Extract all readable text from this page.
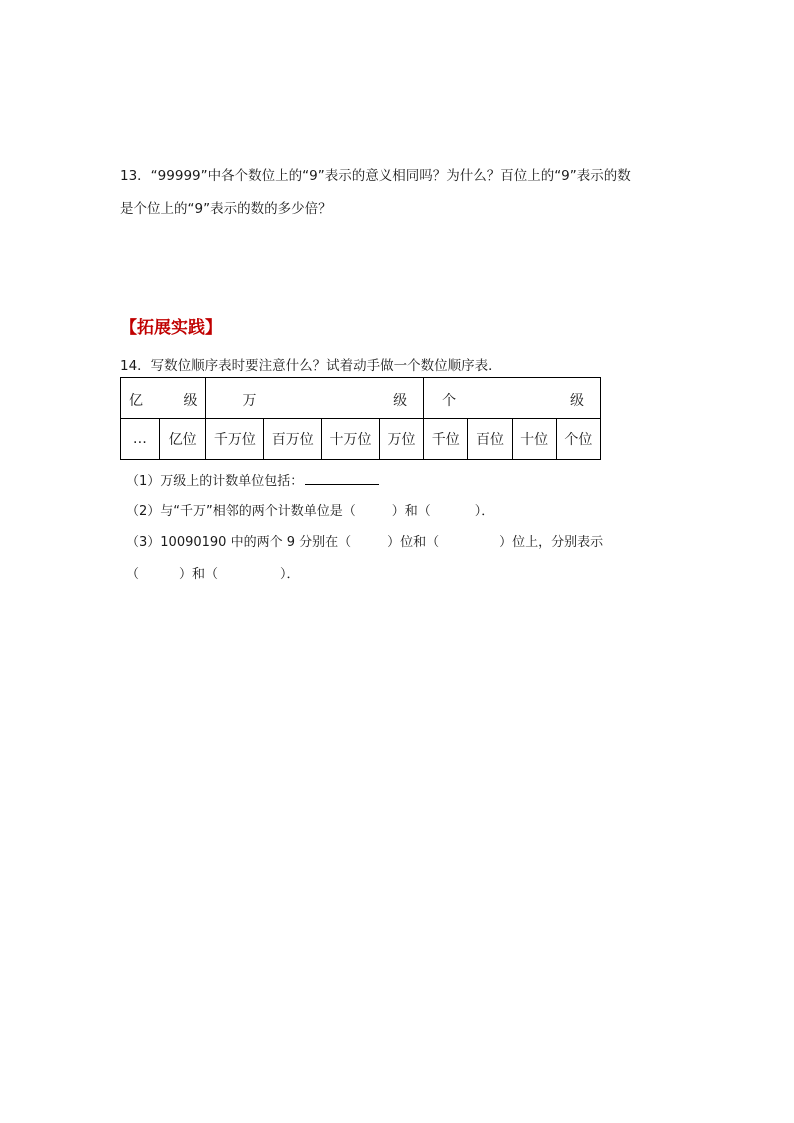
13．“99999”中各个数位上的“9”表示的意义相同吗？为什么？百位上的“9”表示的数
是个位上的“9”表示的数的多少倍？
【拓展实践】
14．写数位顺序表时要注意什么？试着动手做一个数位顺序表．
亿 级		万 级				个 级			

…	亿位	千万位	百万位	十万位	万位	千位	百位	十位	个位
（1）万级上的计数单位包括：
（2）与“千万”相邻的两个计数单位是（	）和（	）．
（3）10090190 中的两个 9 分别在（	）位和（	）位上，分别表示
（	）和（	）．
